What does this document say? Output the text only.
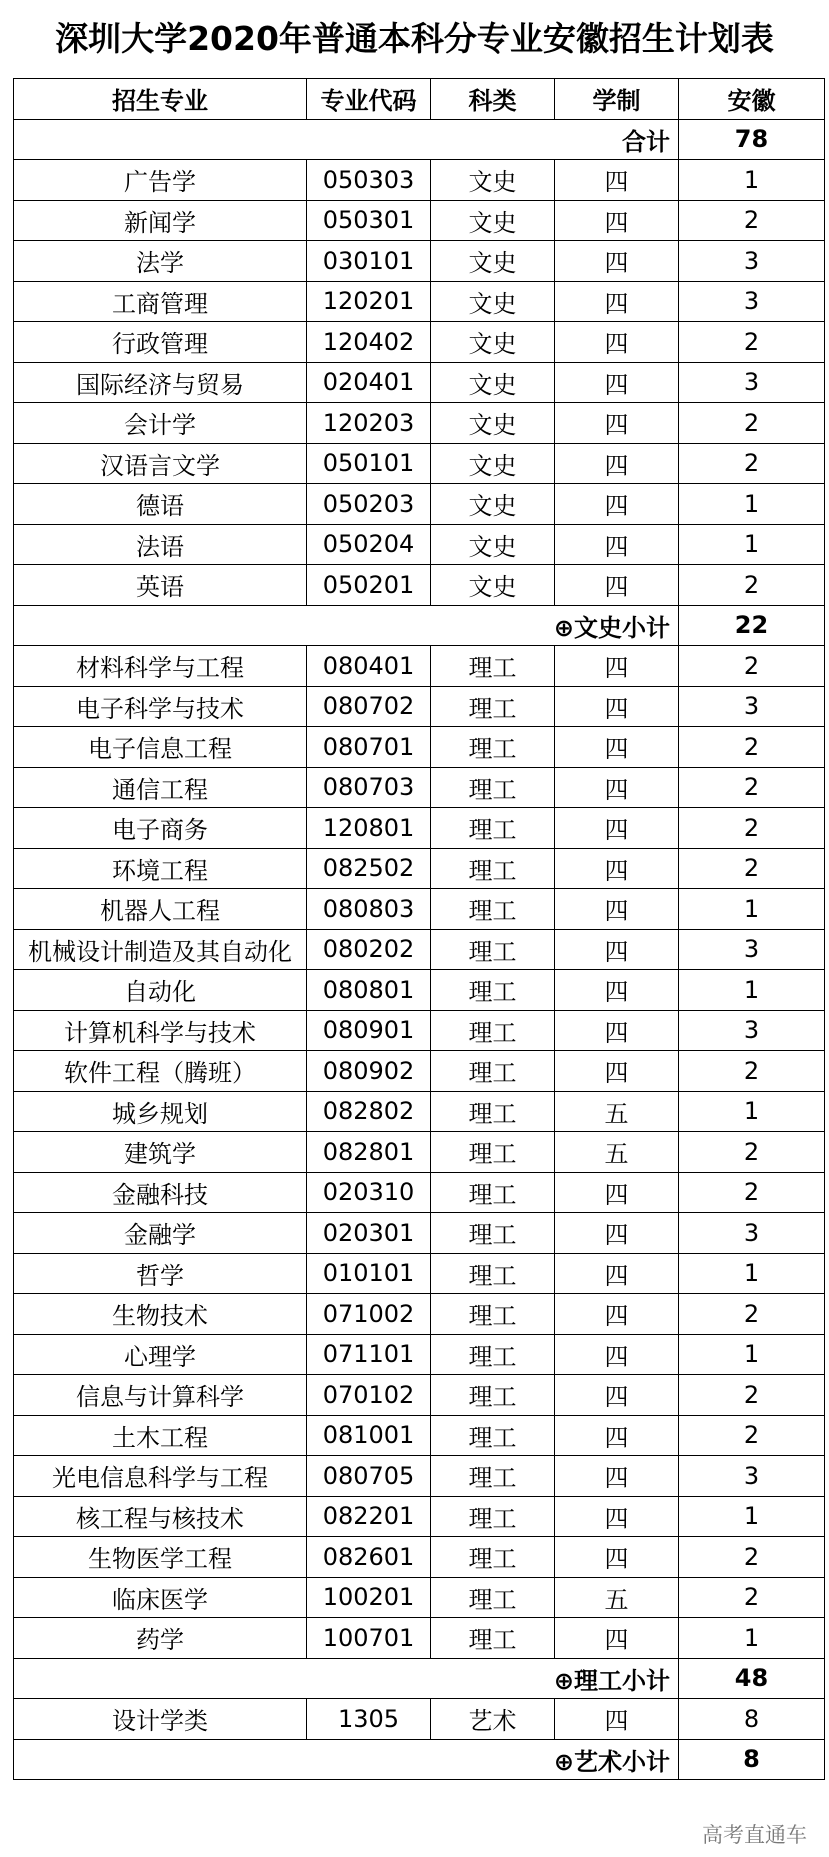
深圳大学2020年普通本科分专业安徽招生计划表
招生专业	专业代码	科类	学制	安徽
合计				78
广告学	050303	文史	四	1
新闻学	050301	文史	四	2
法学	030101	文史	四	3
工商管理	120201	文史	四	3
行政管理	120402	文史	四	2
国际经济与贸易	020401	文史	四	3
会计学	120203	文史	四	2
汉语言文学	050101	文史	四	2
德语	050203	文史	四	1
法语	050204	文史	四	1
英语	050201	文史	四	2
⊕文史小计				22
材料科学与工程	080401	理工	四	2
电子科学与技术	080702	理工	四	3
电子信息工程	080701	理工	四	2
通信工程	080703	理工	四	2
电子商务	120801	理工	四	2
环境工程	082502	理工	四	2
机器人工程	080803	理工	四	1
机械设计制造及其自动化	080202	理工	四	3
自动化	080801	理工	四	1
计算机科学与技术	080901	理工	四	3
软件工程（腾班）	080902	理工	四	2
城乡规划	082802	理工	五	1
建筑学	082801	理工	五	2
金融科技	020310	理工	四	2
金融学	020301	理工	四	3
哲学	010101	理工	四	1
生物技术	071002	理工	四	2
心理学	071101	理工	四	1
信息与计算科学	070102	理工	四	2
土木工程	081001	理工	四	2
光电信息科学与工程	080705	理工	四	3
核工程与核技术	082201	理工	四	1
生物医学工程	082601	理工	四	2
临床医学	100201	理工	五	2
药学	100701	理工	四	1
⊕理工小计				48
设计学类	1305	艺术	四	8
⊕艺术小计				8
高考直通车
